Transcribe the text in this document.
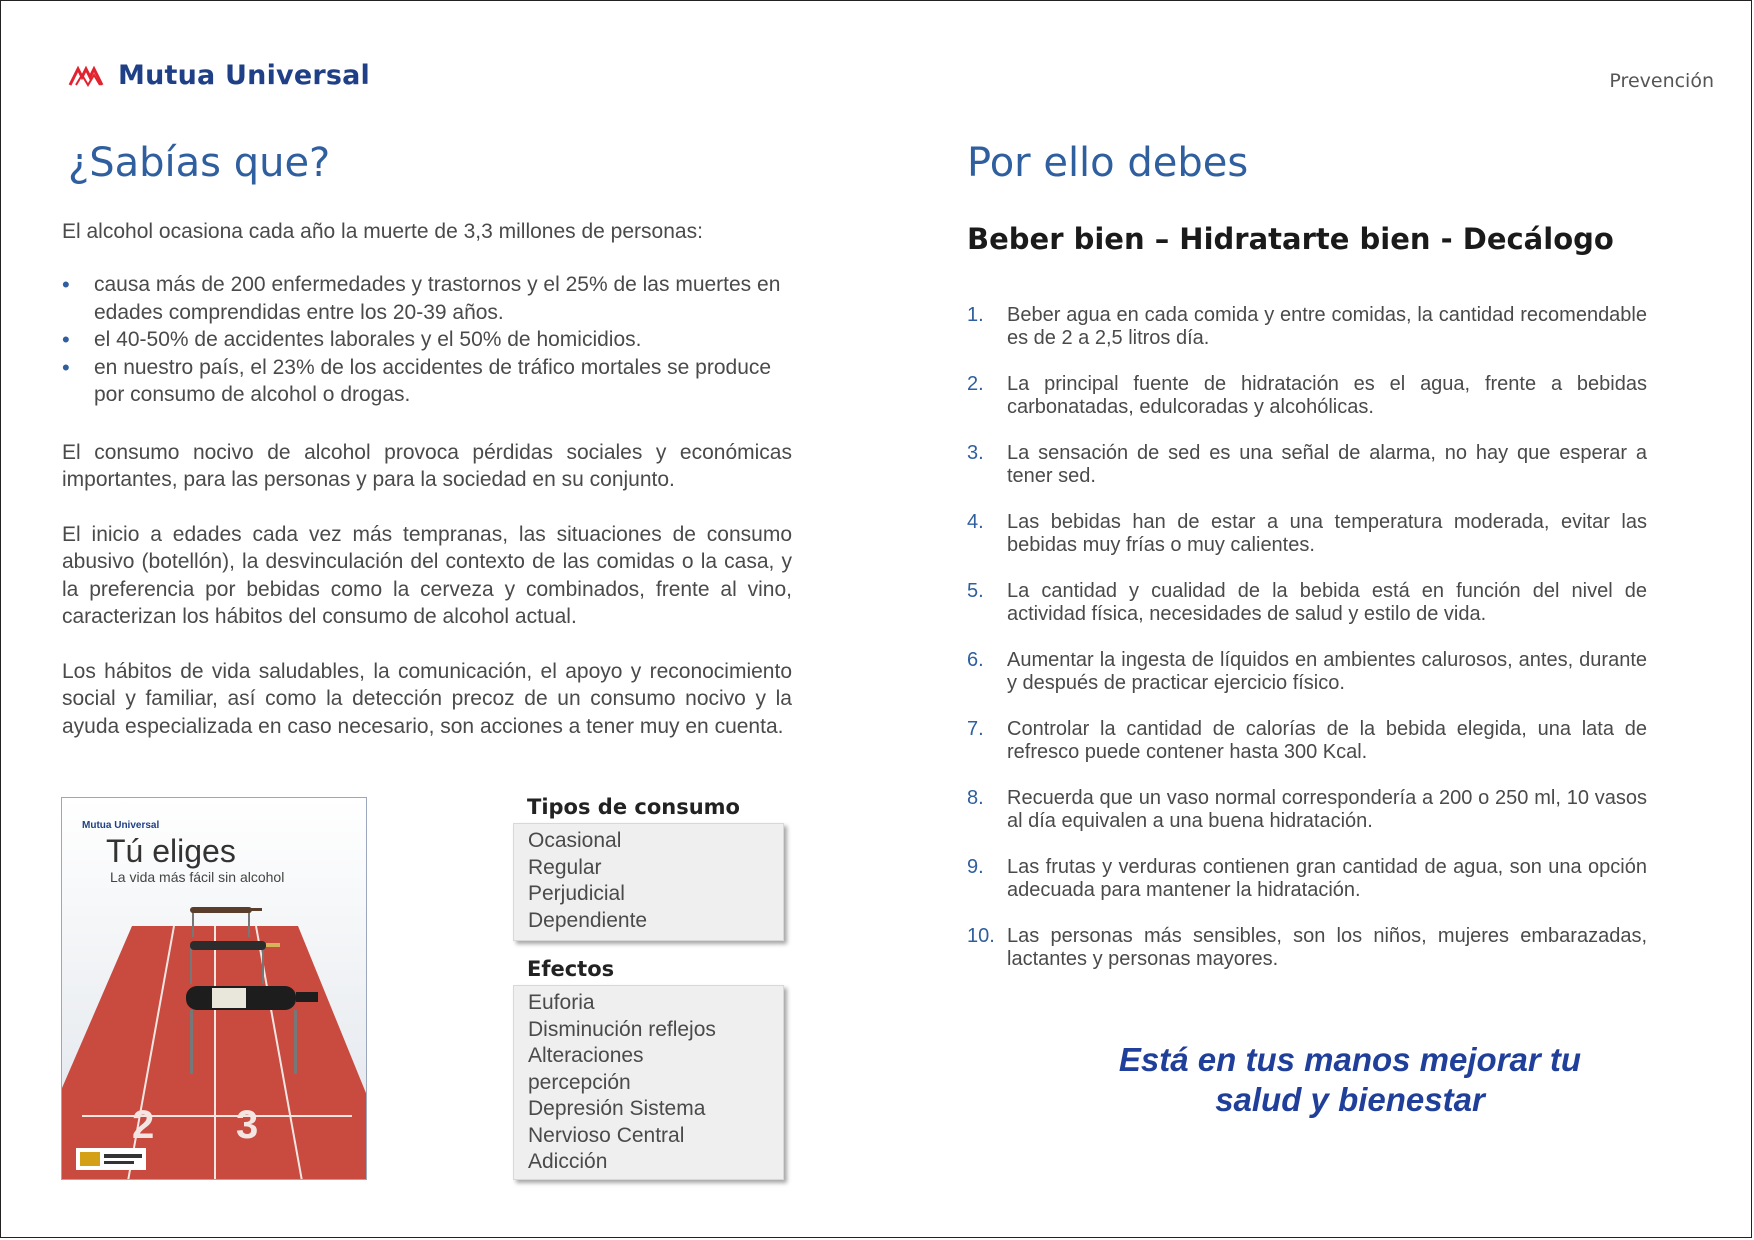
Mutua Universal	Prevención
¿Sabías que?

El alcohol ocasiona cada año la muerte de 3,3 millones de personas:

• causa más de 200 enfermedades y trastornos y el 25% de las muertes en edades comprendidas entre los 20-39 años.
• el 40-50% de accidentes laborales y el 50% de homicidios.
• en nuestro país, el 23% de los accidentes de tráfico mortales se produce por consumo de alcohol o drogas.

El consumo nocivo de alcohol provoca pérdidas sociales y económicas importantes, para las personas y para la sociedad en su conjunto.

El inicio a edades cada vez más tempranas, las situaciones de consumo abusivo (botellón), la desvinculación del contexto de las comidas o la casa, y la preferencia por bebidas como la cerveza y combinados, frente al vino, caracterizan los hábitos del consumo de alcohol actual.

Los hábitos de vida saludables, la comunicación, el apoyo y reconocimiento social y familiar, así como la detección precoz de un consumo nocivo y la ayuda especializada en caso necesario, son acciones a tener muy en cuenta.

Mutua Universal
Tú eliges
La vida más fácil sin alcohol
2 3
Tipos de consumo
Ocasional
Regular
Perjudicial
Dependiente
Efectos
Euforia
Disminución reflejos
Alteraciones
percepción
Depresión Sistema
Nervioso Central
Adicción
Por ello debes
Beber bien – Hidratarte bien - Decálogo
1.	Beber agua en cada comida y entre comidas, la cantidad recomendable es de 2 a 2,5 litros día.
2.	La principal fuente de hidratación es el agua, frente a bebidas carbonatadas, edulcoradas y alcohólicas.
3.	La sensación de sed es una señal de alarma, no hay que esperar a tener sed.
4.	Las bebidas han de estar a una temperatura moderada, evitar las bebidas muy frías o muy calientes.
5.	La cantidad y cualidad de la bebida está en función del nivel de actividad física, necesidades de salud y estilo de vida.
6.	Aumentar la ingesta de líquidos en ambientes calurosos, antes, durante y después de practicar ejercicio físico.
7.	Controlar la cantidad de calorías de la bebida elegida, una lata de refresco puede contener hasta 300 Kcal.
8.	Recuerda que un vaso normal correspondería a 200 o 250 ml, 10 vasos al día equivalen a una buena hidratación.
9.	Las frutas y verduras contienen gran cantidad de agua, son una opción adecuada para mantener la hidratación.
10. Las personas más sensibles, son los niños, mujeres embarazadas, lactantes y personas mayores.
Está en tus manos mejorar tu
salud y bienestar
